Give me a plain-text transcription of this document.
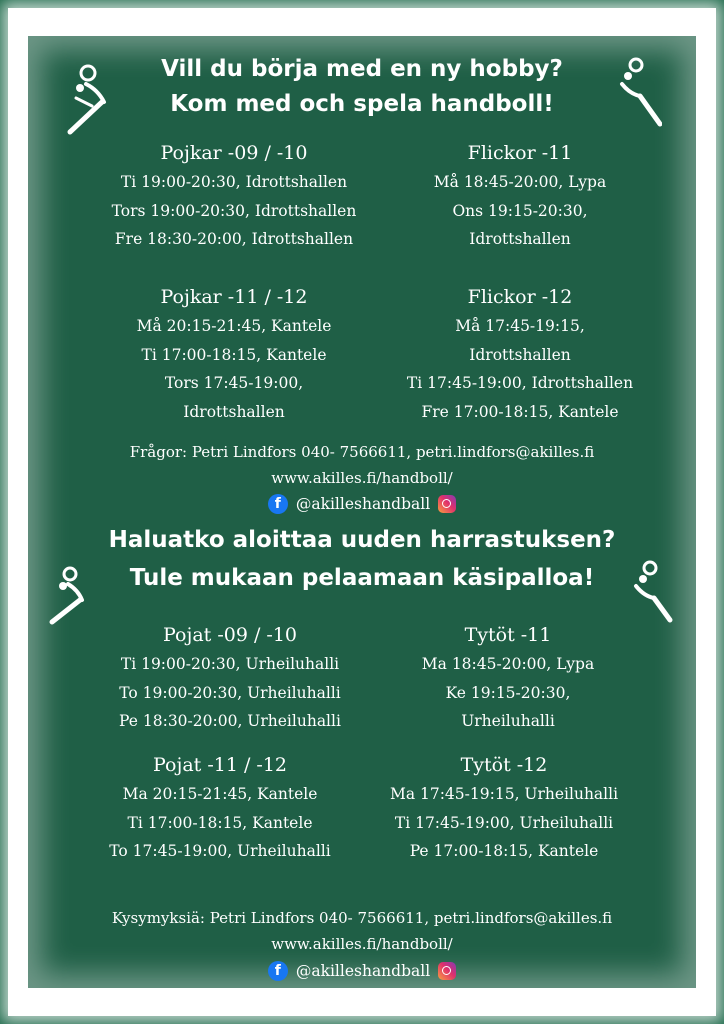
Vill du börja med en ny hobby?
Kom med och spela handboll!
Pojkar -09 / -10
Ti 19:00-20:30, Idrottshallen
Tors 19:00-20:30, Idrottshallen
Fre 18:30-20:00, Idrottshallen
Flickor -11
Må 18:45-20:00, Lypa
Ons 19:15-20:30,
Idrottshallen
Pojkar -11 / -12
Må 20:15-21:45, Kantele
Ti 17:00-18:15, Kantele
Tors 17:45-19:00,
Idrottshallen
Flickor -12
Må 17:45-19:15,
Idrottshallen
Ti 17:45-19:00, Idrottshallen
Fre 17:00-18:15, Kantele
Frågor: Petri Lindfors 040- 7566611, petri.lindfors@akilles.fi
www.akilles.fi/handboll/
f @akilleshandball
Haluatko aloittaa uuden harrastuksen?
Tule mukaan pelaamaan käsipalloa!
Pojat -09 / -10
Ti 19:00-20:30, Urheiluhalli
To 19:00-20:30, Urheiluhalli
Pe 18:30-20:00, Urheiluhalli
Tytöt -11
Ma 18:45-20:00, Lypa
Ke 19:15-20:30,
Urheiluhalli
Pojat -11 / -12
Ma 20:15-21:45, Kantele
Ti 17:00-18:15, Kantele
To 17:45-19:00, Urheiluhalli
Tytöt -12
Ma 17:45-19:15, Urheiluhalli
Ti 17:45-19:00, Urheiluhalli
Pe 17:00-18:15, Kantele
Kysymyksiä: Petri Lindfors 040- 7566611, petri.lindfors@akilles.fi
www.akilles.fi/handboll/
f @akilleshandball
